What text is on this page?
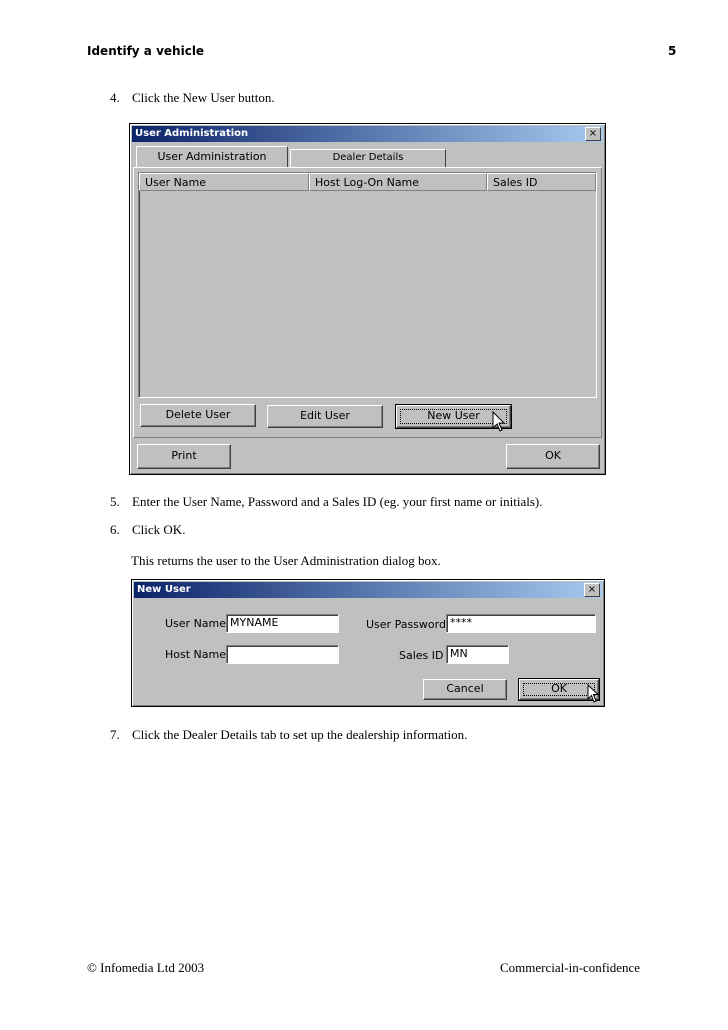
Identify a vehicle	5
4. Click the New User button.
User Administration	×
User Administration	Dealer Details
User Name	Host Log-On Name	Sales ID
Delete User	Edit User	New User
Print	OK
5. Enter the User Name, Password and a Sales ID (eg. your first name or initials).
6. Click OK.
This returns the user to the User Administration dialog box.
New User	×
User Name MYNAME
Host Name
User Password ****
Sales ID MN
Cancel	OK
7. Click the Dealer Details tab to set up the dealership information.
© Infomedia Ltd 2003	Commercial-in-confidence
